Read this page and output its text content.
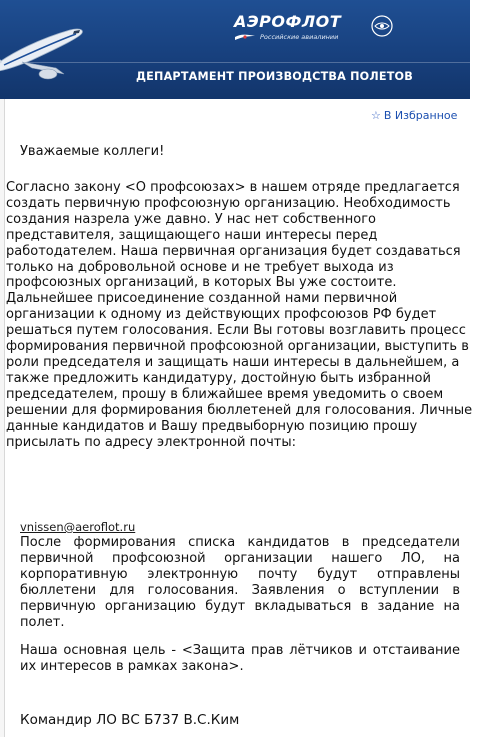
АЭРОФЛОТ
Российские авиалинии
ДЕПАРТАМЕНТ ПРОИЗВОДСТВА ПОЛЕТОВ
☆ В Избранное

Уважаемые коллеги!

Согласно закону <О профсоюзах> в нашем отряде предлагается создать первичную профсоюзную организацию. Необходимость создания назрела уже давно. У нас нет собственного представителя, защищающего наши интересы перед работодателем. Наша первичная организация будет создаваться только на добровольной основе и не требует выхода из профсоюзных организаций, в которых Вы уже состоите. Дальнейшее присоединение созданной нами первичной организации к одному из действующих профсоюзов РФ будет решаться путем голосования. Если Вы готовы возглавить процесс формирования первичной профсоюзной организации, выступить в роли председателя и защищать наши интересы в дальнейшем, а также предложить кандидатуру, достойную быть избранной председателем, прошу в ближайшее время уведомить о своем решении для формирования бюллетеней для голосования. Личные данные кандидатов и Вашу предвыборную позицию прошу присылать по адресу электронной почты:

vnissen@aeroflot.ru

После формирования списка кандидатов в председатели первичной профсоюзной организации нашего ЛО, на корпоративную электронную почту будут отправлены бюллетени для голосования. Заявления о вступлении в первичную организацию будут вкладываться в задание на полет.

Наша основная цель - <Защита прав лётчиков и отстаивание их интересов в рамках закона>.

Командир ЛО ВС Б737 В.С.Ким
